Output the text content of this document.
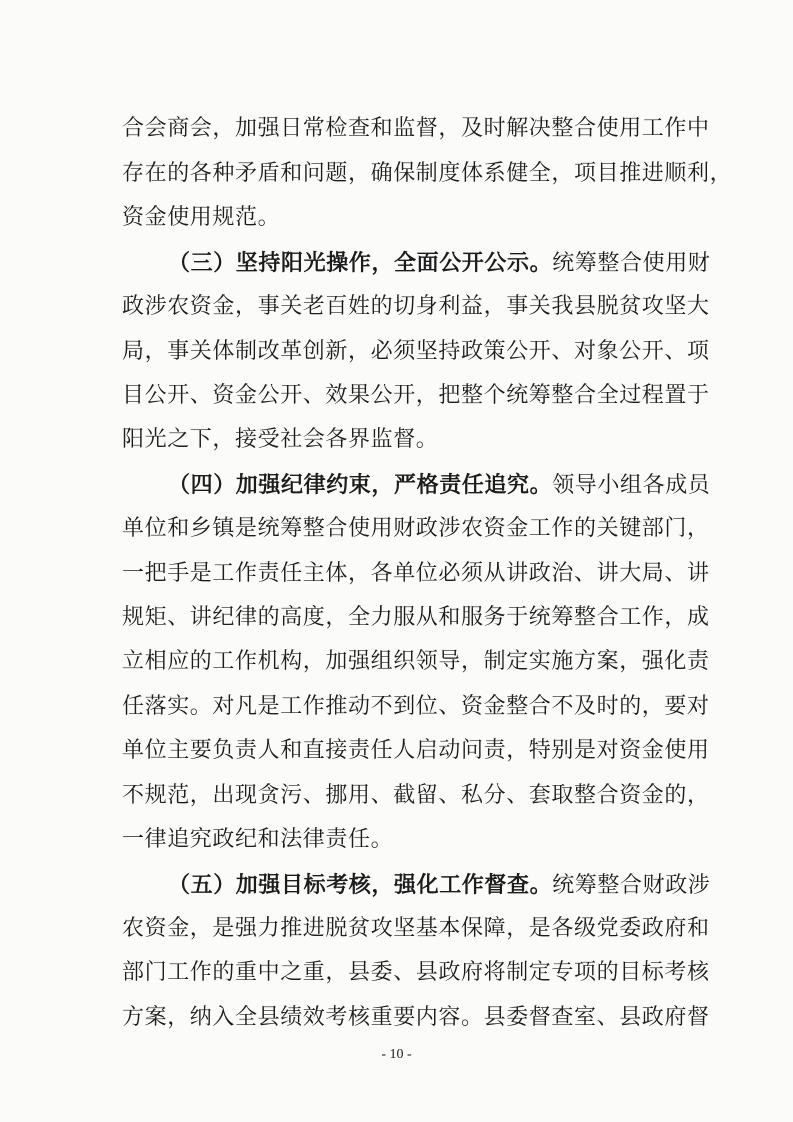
合会商会，加强日常检查和监督，及时解决整合使用工作中
存在的各种矛盾和问题，确保制度体系健全，项目推进顺利，
资金使用规范。
（三）坚持阳光操作，全面公开公示。统筹整合使用财
政涉农资金，事关老百姓的切身利益，事关我县脱贫攻坚大
局，事关体制改革创新，必须坚持政策公开、对象公开、项
目公开、资金公开、效果公开，把整个统筹整合全过程置于
阳光之下，接受社会各界监督。
（四）加强纪律约束，严格责任追究。领导小组各成员
单位和乡镇是统筹整合使用财政涉农资金工作的关键部门，
一把手是工作责任主体，各单位必须从讲政治、讲大局、讲
规矩、讲纪律的高度，全力服从和服务于统筹整合工作，成
立相应的工作机构，加强组织领导，制定实施方案，强化责
任落实。对凡是工作推动不到位、资金整合不及时的，要对
单位主要负责人和直接责任人启动问责，特别是对资金使用
不规范，出现贪污、挪用、截留、私分、套取整合资金的，
一律追究政纪和法律责任。
（五）加强目标考核，强化工作督查。统筹整合财政涉
农资金，是强力推进脱贫攻坚基本保障，是各级党委政府和
部门工作的重中之重，县委、县政府将制定专项的目标考核
方案，纳入全县绩效考核重要内容。县委督查室、县政府督
- 10 -
